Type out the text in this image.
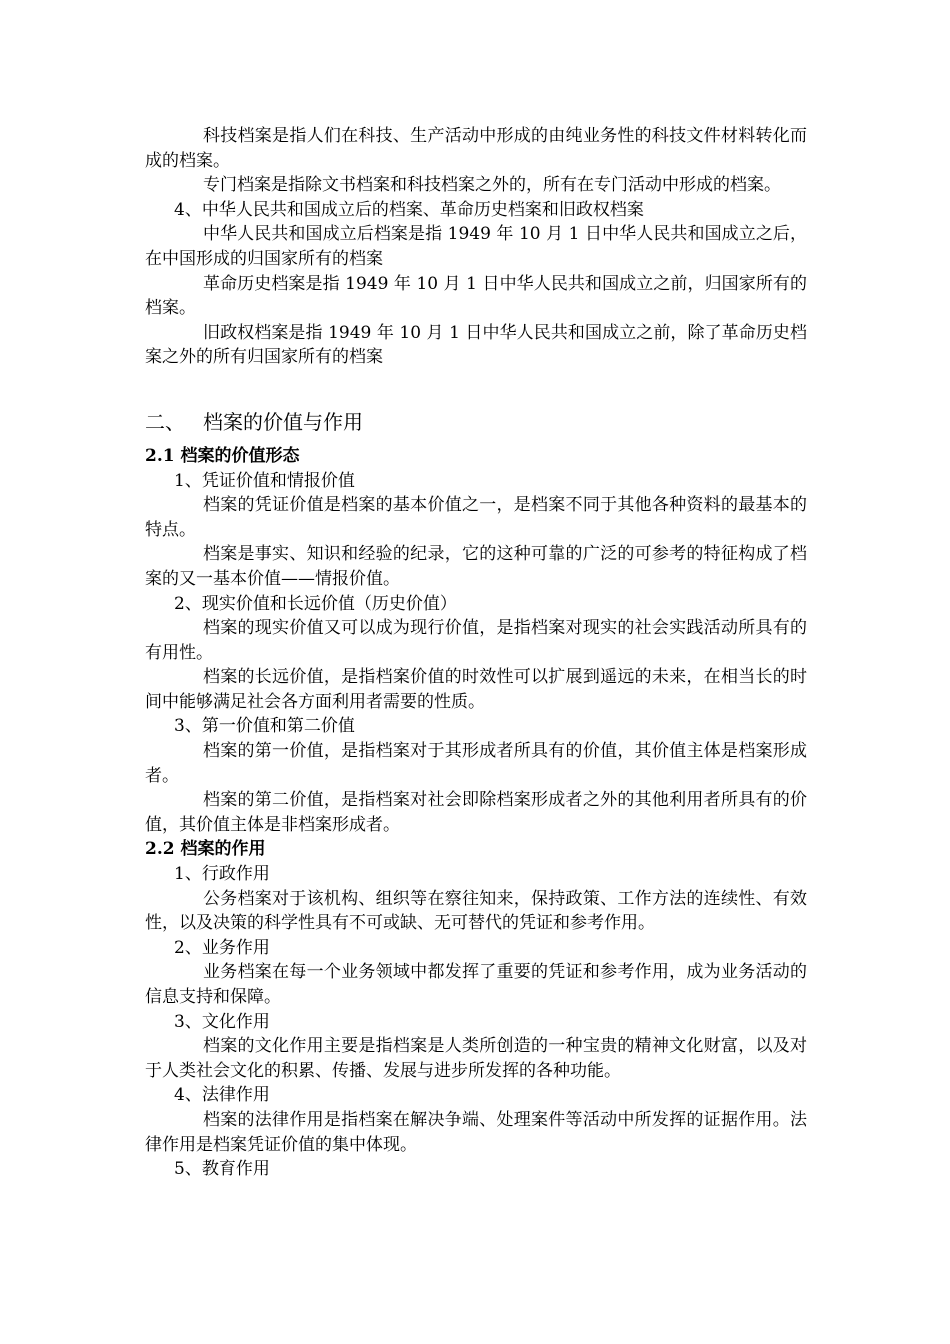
科技档案是指人们在科技、生产活动中形成的由纯业务性的科技文件材料转化而成的档案。

专门档案是指除文书档案和科技档案之外的，所有在专门活动中形成的档案。

4、中华人民共和国成立后的档案、革命历史档案和旧政权档案

中华人民共和国成立后档案是指 1949 年 10 月 1 日中华人民共和国成立之后，在中国形成的归国家所有的档案

革命历史档案是指 1949 年 10 月 1 日中华人民共和国成立之前，归国家所有的档案。

旧政权档案是指 1949 年 10 月 1 日中华人民共和国成立之前，除了革命历史档案之外的所有归国家所有的档案

二、 档案的价值与作用
2.1 档案的价值形态

1、凭证价值和情报价值

档案的凭证价值是档案的基本价值之一，是档案不同于其他各种资料的最基本的特点。

档案是事实、知识和经验的纪录，它的这种可靠的广泛的可参考的特征构成了档案的又一基本价值——情报价值。

2、现实价值和长远价值（历史价值）

档案的现实价值又可以成为现行价值，是指档案对现实的社会实践活动所具有的有用性。

档案的长远价值，是指档案价值的时效性可以扩展到遥远的未来，在相当长的时间中能够满足社会各方面利用者需要的性质。

3、第一价值和第二价值

档案的第一价值，是指档案对于其形成者所具有的价值，其价值主体是档案形成者。

档案的第二价值，是指档案对社会即除档案形成者之外的其他利用者所具有的价值，其价值主体是非档案形成者。

2.2 档案的作用

1、行政作用

公务档案对于该机构、组织等在察往知来，保持政策、工作方法的连续性、有效性，以及决策的科学性具有不可或缺、无可替代的凭证和参考作用。

2、业务作用

业务档案在每一个业务领域中都发挥了重要的凭证和参考作用，成为业务活动的信息支持和保障。

3、文化作用

档案的文化作用主要是指档案是人类所创造的一种宝贵的精神文化财富，以及对于人类社会文化的积累、传播、发展与进步所发挥的各种功能。

4、法律作用

档案的法律作用是指档案在解决争端、处理案件等活动中所发挥的证据作用。法律作用是档案凭证价值的集中体现。

5、教育作用
